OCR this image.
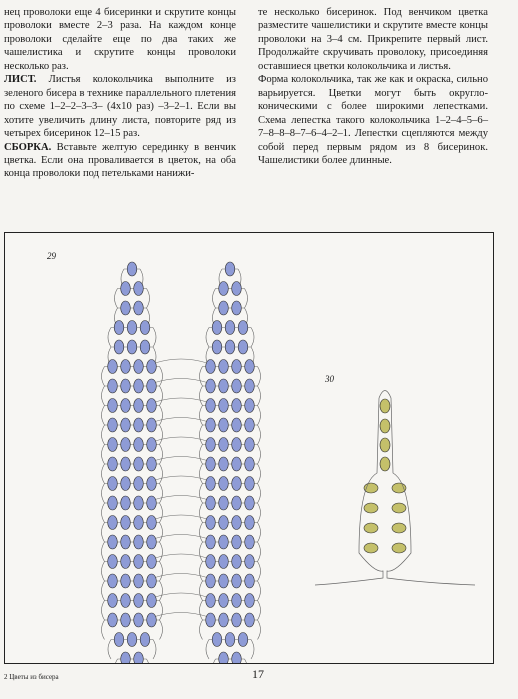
нец проволоки еще 4 бисеринки и скрутите концы проволоки вместе 2–3 раза. На каждом конце проволоки сделайте еще по два таких же чашелистика и скрутите концы проволоки несколько раз.

ЛИСТ. Листья колокольчика выполните из зеленого бисера в технике параллельного плетения по схеме 1–2–2–3–3– (4х10 раз) –3–2–1. Если вы хотите увеличить длину листа, повторите ряд из четырех бисеринок 12–15 раз.

СБОРКА. Вставьте желтую серединку в венчик цветка. Если она проваливается в цветок, на оба конца проволоки под петельками нанижи-

те несколько бисеринок. Под венчиком цветка разместите чашелистики и скрутите вместе концы проволоки на 3–4 см. Прикрепите первый лист. Продолжайте скручивать проволоку, присоединяя оставшиеся цветки колокольчика и листья.

Форма колокольчика, так же как и окраска, сильно варьируется. Цветки могут быть округло-коническими с более широкими лепестками. Схема лепестка такого колокольчика 1–2–4–5–6–7–8–8–8–7–6–4–2–1. Лепестки сцепляются между собой перед первым рядом из 8 бисеринок. Чашелистики более длинные.

29
30
2 Цветы из бисера	17
